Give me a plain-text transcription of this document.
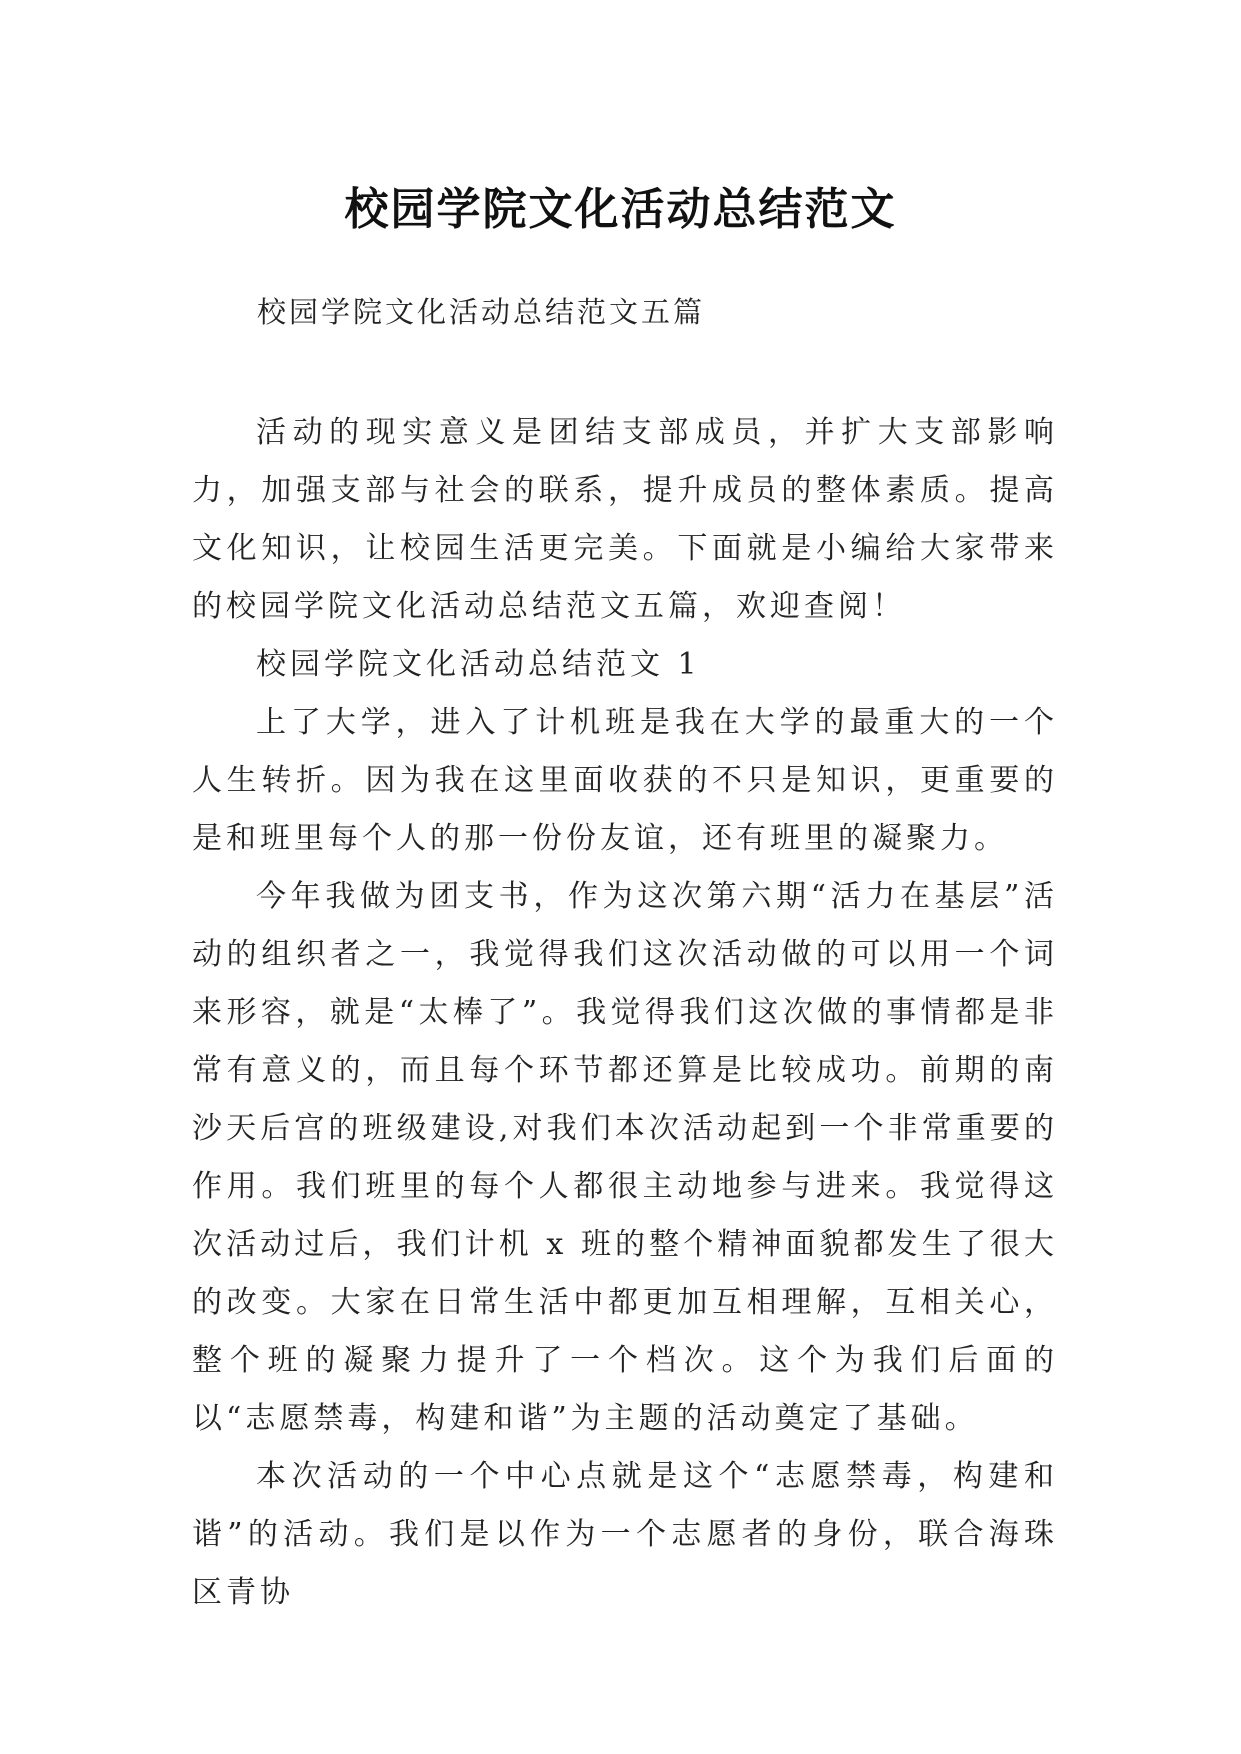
校园学院文化活动总结范文
校园学院文化活动总结范文五篇

活动的现实意义是团结支部成员，并扩大支部影响力，加强支部与社会的联系，提升成员的整体素质。提高文化知识，让校园生活更完美。下面就是小编给大家带来的校园学院文化活动总结范文五篇，欢迎查阅！

校园学院文化活动总结范文 1

上了大学，进入了计机班是我在大学的最重大的一个人生转折。因为我在这里面收获的不只是知识，更重要的是和班里每个人的那一份份友谊，还有班里的凝聚力。

今年我做为团支书，作为这次第六期“活力在基层”活动的组织者之一，我觉得我们这次活动做的可以用一个词来形容，就是“太棒了”。我觉得我们这次做的事情都是非常有意义的，而且每个环节都还算是比较成功。前期的南沙天后宫的班级建设,对我们本次活动起到一个非常重要的作用。我们班里的每个人都很主动地参与进来。我觉得这次活动过后，我们计机 x 班的整个精神面貌都发生了很大的改变。大家在日常生活中都更加互相理解，互相关心，整个班的凝聚力提升了一个档次。这个为我们后面的以“志愿禁毒，构建和谐”为主题的活动奠定了基础。

本次活动的一个中心点就是这个“志愿禁毒，构建和谐”的活动。我们是以作为一个志愿者的身份，联合海珠区青协
